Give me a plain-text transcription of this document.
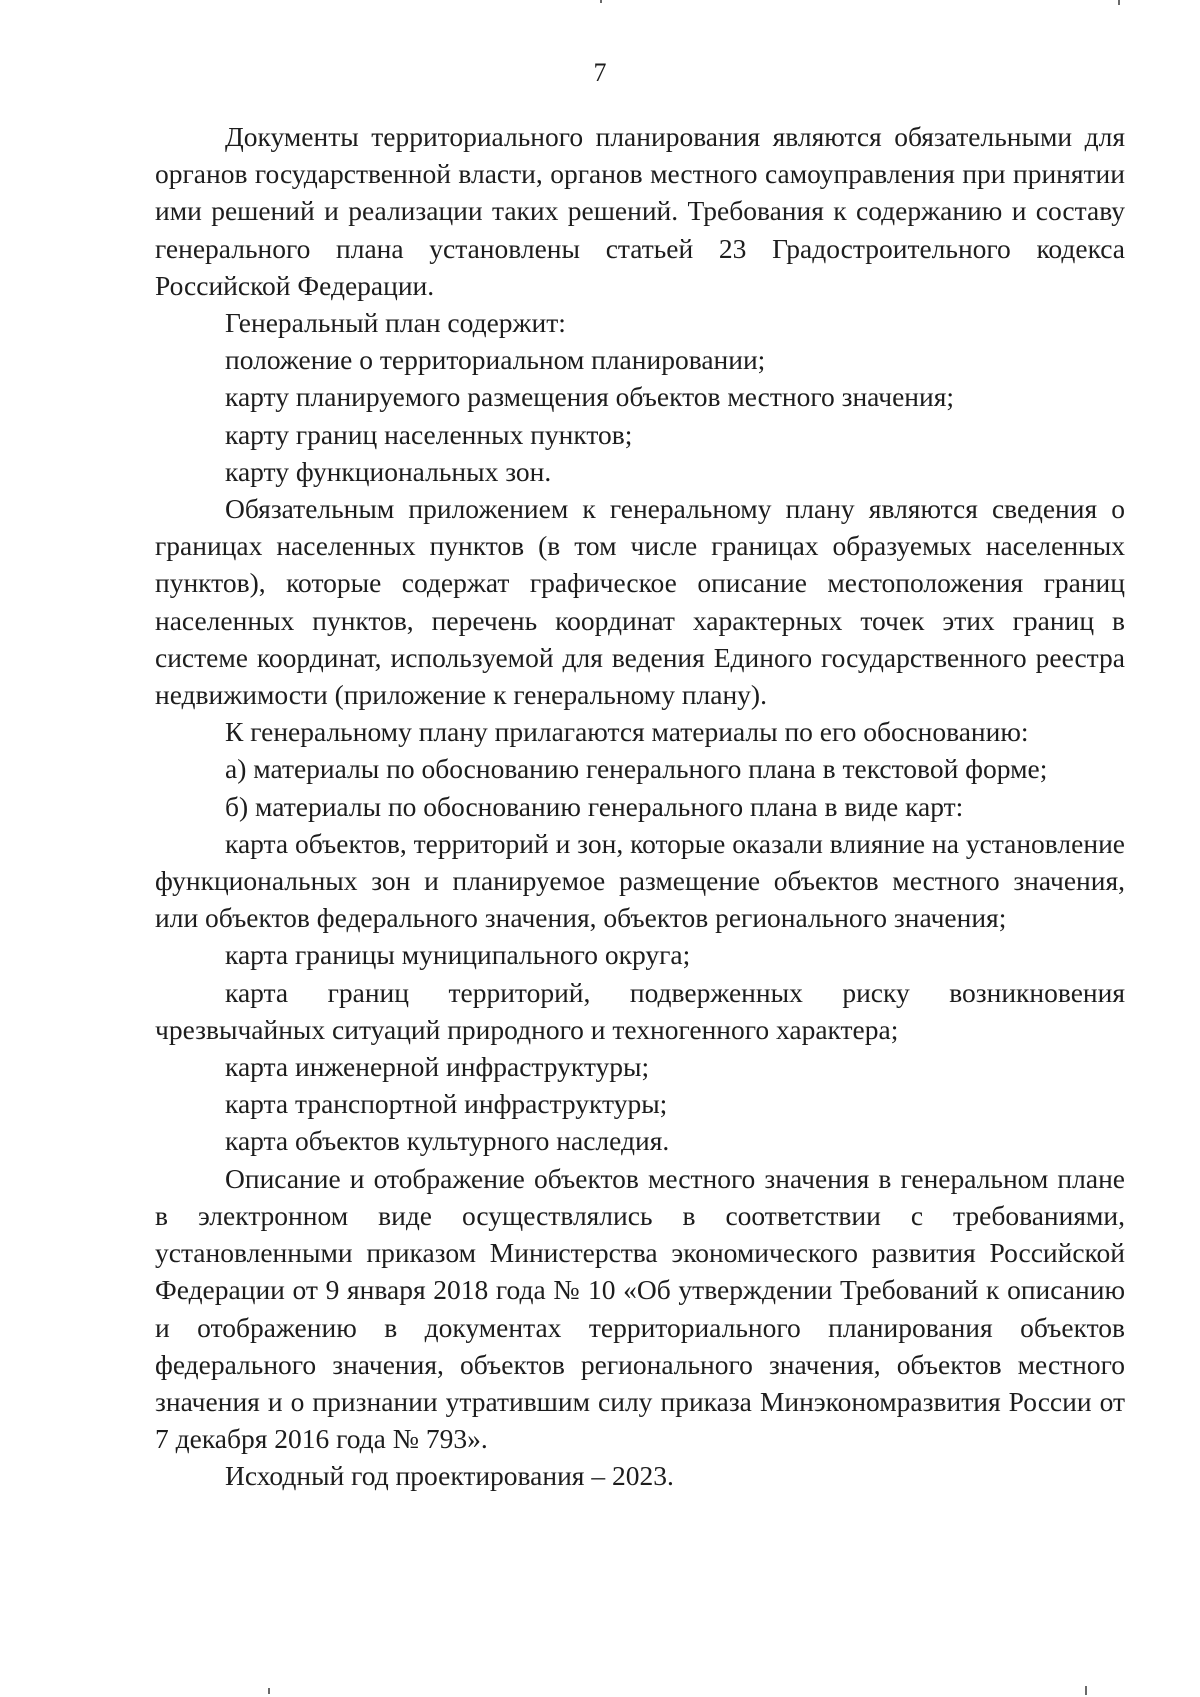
7

Документы территориального планирования являются обязательными для органов государственной власти, органов местного самоуправления при принятии ими решений и реализации таких решений. Требования к содержанию и составу генерального плана установлены статьей 23 Градостроительного кодекса Российской Федерации.

Генеральный план содержит:

положение о территориальном планировании;

карту планируемого размещения объектов местного значения;

карту границ населенных пунктов;

карту функциональных зон.

Обязательным приложением к генеральному плану являются сведения о границах населенных пунктов (в том числе границах образуемых населенных пунктов), которые содержат графическое описание местоположения границ населенных пунктов, перечень координат характерных точек этих границ в системе координат, используемой для ведения Единого государственного реестра недвижимости (приложение к генеральному плану).

К генеральному плану прилагаются материалы по его обоснованию:

а) материалы по обоснованию генерального плана в текстовой форме;

б) материалы по обоснованию генерального плана в виде карт:

карта объектов, территорий и зон, которые оказали влияние на установление функциональных зон и планируемое размещение объектов местного значения, или объектов федерального значения, объектов регионального значения;

карта границы муниципального округа;

карта границ территорий, подверженных риску возникновения чрезвычайных ситуаций природного и техногенного характера;

карта инженерной инфраструктуры;

карта транспортной инфраструктуры;

карта объектов культурного наследия.

Описание и отображение объектов местного значения в генеральном плане в электронном виде осуществлялись в соответствии с требованиями, установленными приказом Министерства экономического развития Российской Федерации от 9 января 2018 года № 10 «Об утверждении Требований к описанию и отображению в документах территориального планирования объектов федерального значения, объектов регионального значения, объектов местного значения и о признании утратившим силу приказа Минэкономразвития России от 7 декабря 2016 года № 793».

Исходный год проектирования – 2023.
